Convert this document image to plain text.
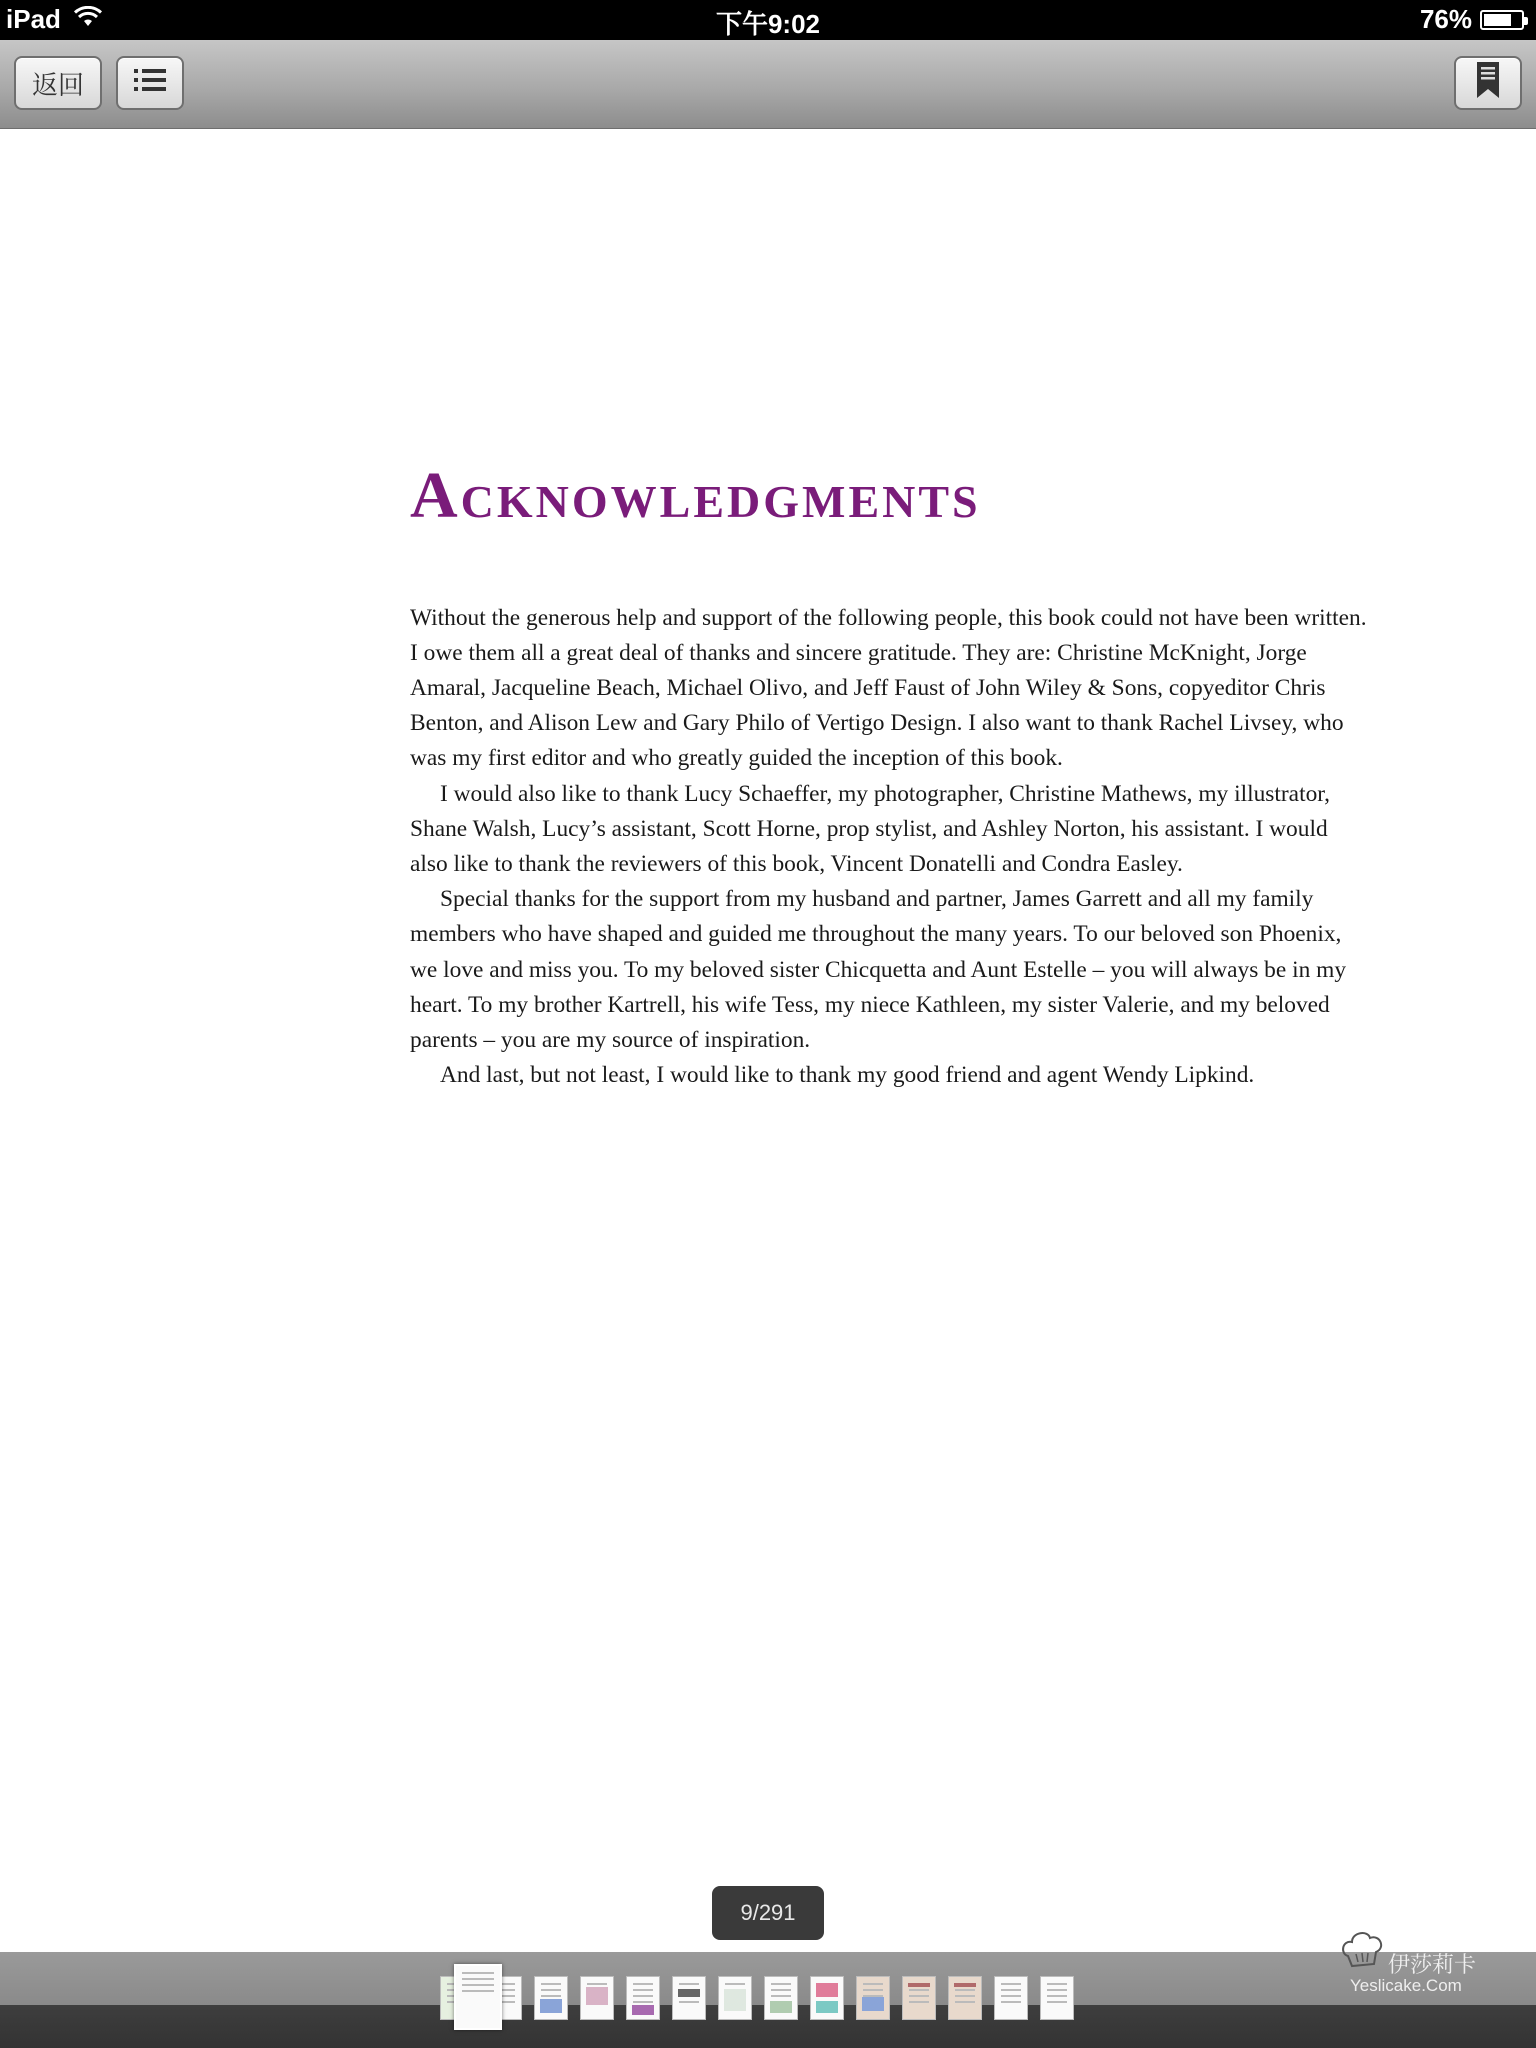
iPad	下午9:02	76%
返回
Acknowledgments

Without the generous help and support of the following people, this book could not have been written. I owe them all a great deal of thanks and sincere gratitude. They are: Christine McKnight, Jorge Amaral, Jacqueline Beach, Michael Olivo, and Jeff Faust of John Wiley & Sons, copyeditor Chris Benton, and Alison Lew and Gary Philo of Vertigo Design. I also want to thank Rachel Livsey, who was my first editor and who greatly guided the inception of this book.

I would also like to thank Lucy Schaeffer, my photographer, Christine Mathews, my illustrator, Shane Walsh, Lucy’s assistant, Scott Horne, prop stylist, and Ashley Norton, his assistant. I would also like to thank the reviewers of this book, Vincent Donatelli and Condra Easley.

Special thanks for the support from my husband and partner, James Garrett and all my family members who have shaped and guided me throughout the many years. To our beloved son Phoenix, we love and miss you. To my beloved sister Chicquetta and Aunt Estelle – you will always be in my heart. To my brother Kartrell, his wife Tess, my niece Kathleen, my sister Valerie, and my beloved parents – you are my source of inspiration.

And last, but not least, I would like to thank my good friend and agent Wendy Lipkind.

9/291
伊莎莉卡
Yeslicake.Com
